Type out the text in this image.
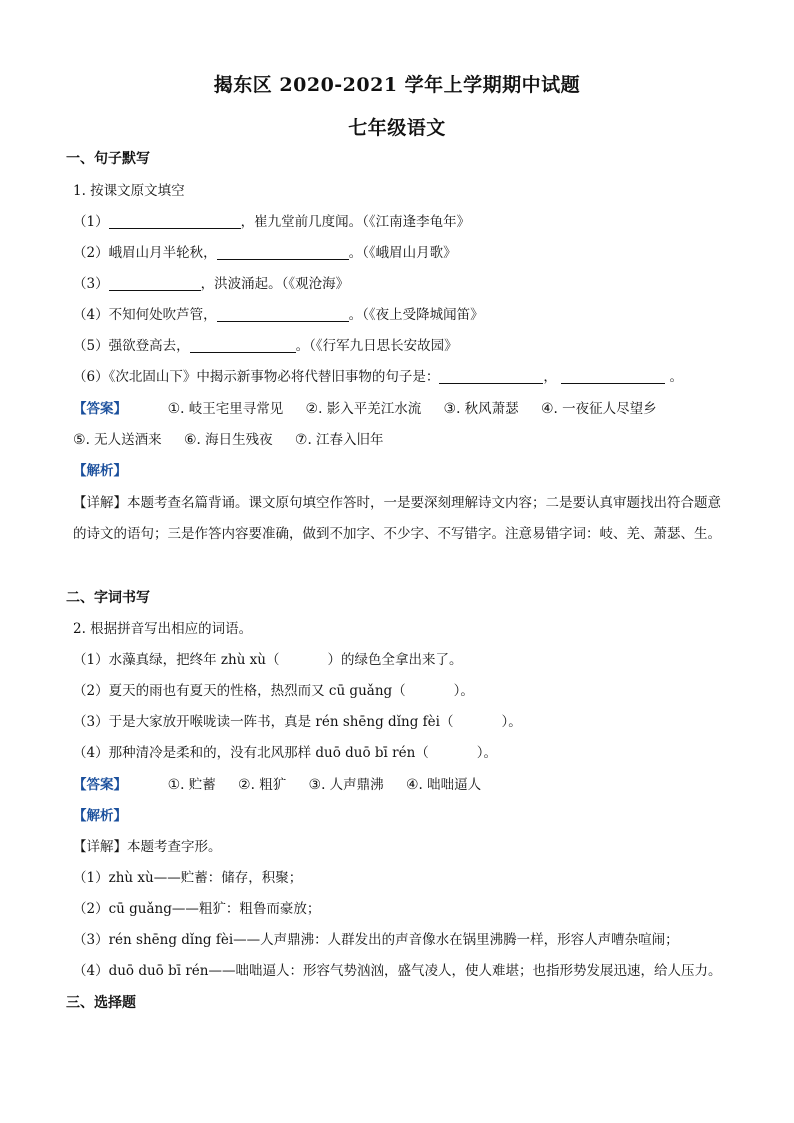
揭东区 2020-2021 学年上学期期中试题
七年级语文
一、句子默写
1. 按课文原文填空
（1）	，崔九堂前几度闻。（《江南逢李龟年》
（2）峨眉山月半轮秋，	。（《峨眉山月歌》
（3）	，洪波涌起。（《观沧海》
（4）不知何处吹芦管，	。（《夜上受降城闻笛》
（5）强欲登高去，	。（《行军九日思长安故园》
（6）《次北固山下》中揭示新事物必将代替旧事物的句子是：	，	。
【答案】	①. 岐王宅里寻常见 ②. 影入平羌江水流 ③. 秋风萧瑟 ④. 一夜征人尽望乡
⑤. 无人送酒来 ⑥. 海日生残夜 ⑦. 江春入旧年
【解析】
【详解】本题考查名篇背诵。课文原句填空作答时，一是要深刻理解诗文内容；二是要认真审题找出符合题意的诗文的语句；三是作答内容要准确，做到不加字、不少字、不写错字。注意易错字词：岐、羌、萧瑟、生。
二、字词书写
2. 根据拼音写出相应的词语。
（1）水藻真绿，把终年 zhù xù（	）的绿色全拿出来了。
（2）夏天的雨也有夏天的性格，热烈而又 cū guǎng（	）。
（3）于是大家放开喉咙读一阵书，真是 rén shēng dǐng fèi（	）。
（4）那种清冷是柔和的，没有北风那样 duō duō bī rén（	）。
【答案】	①. 贮蓄 ②. 粗犷 ③. 人声鼎沸 ④. 咄咄逼人
【解析】
【详解】本题考查字形。
（1）zhù xù——贮蓄：储存，积聚；
（2）cū guǎng——粗犷：粗鲁而豪放；
（3）rén shēng dǐng fèi——人声鼎沸：人群发出的声音像水在锅里沸腾一样，形容人声嘈杂喧闹；
（4）duō duō bī rén——咄咄逼人：形容气势汹汹，盛气凌人，使人难堪；也指形势发展迅速，给人压力。
三、选择题
